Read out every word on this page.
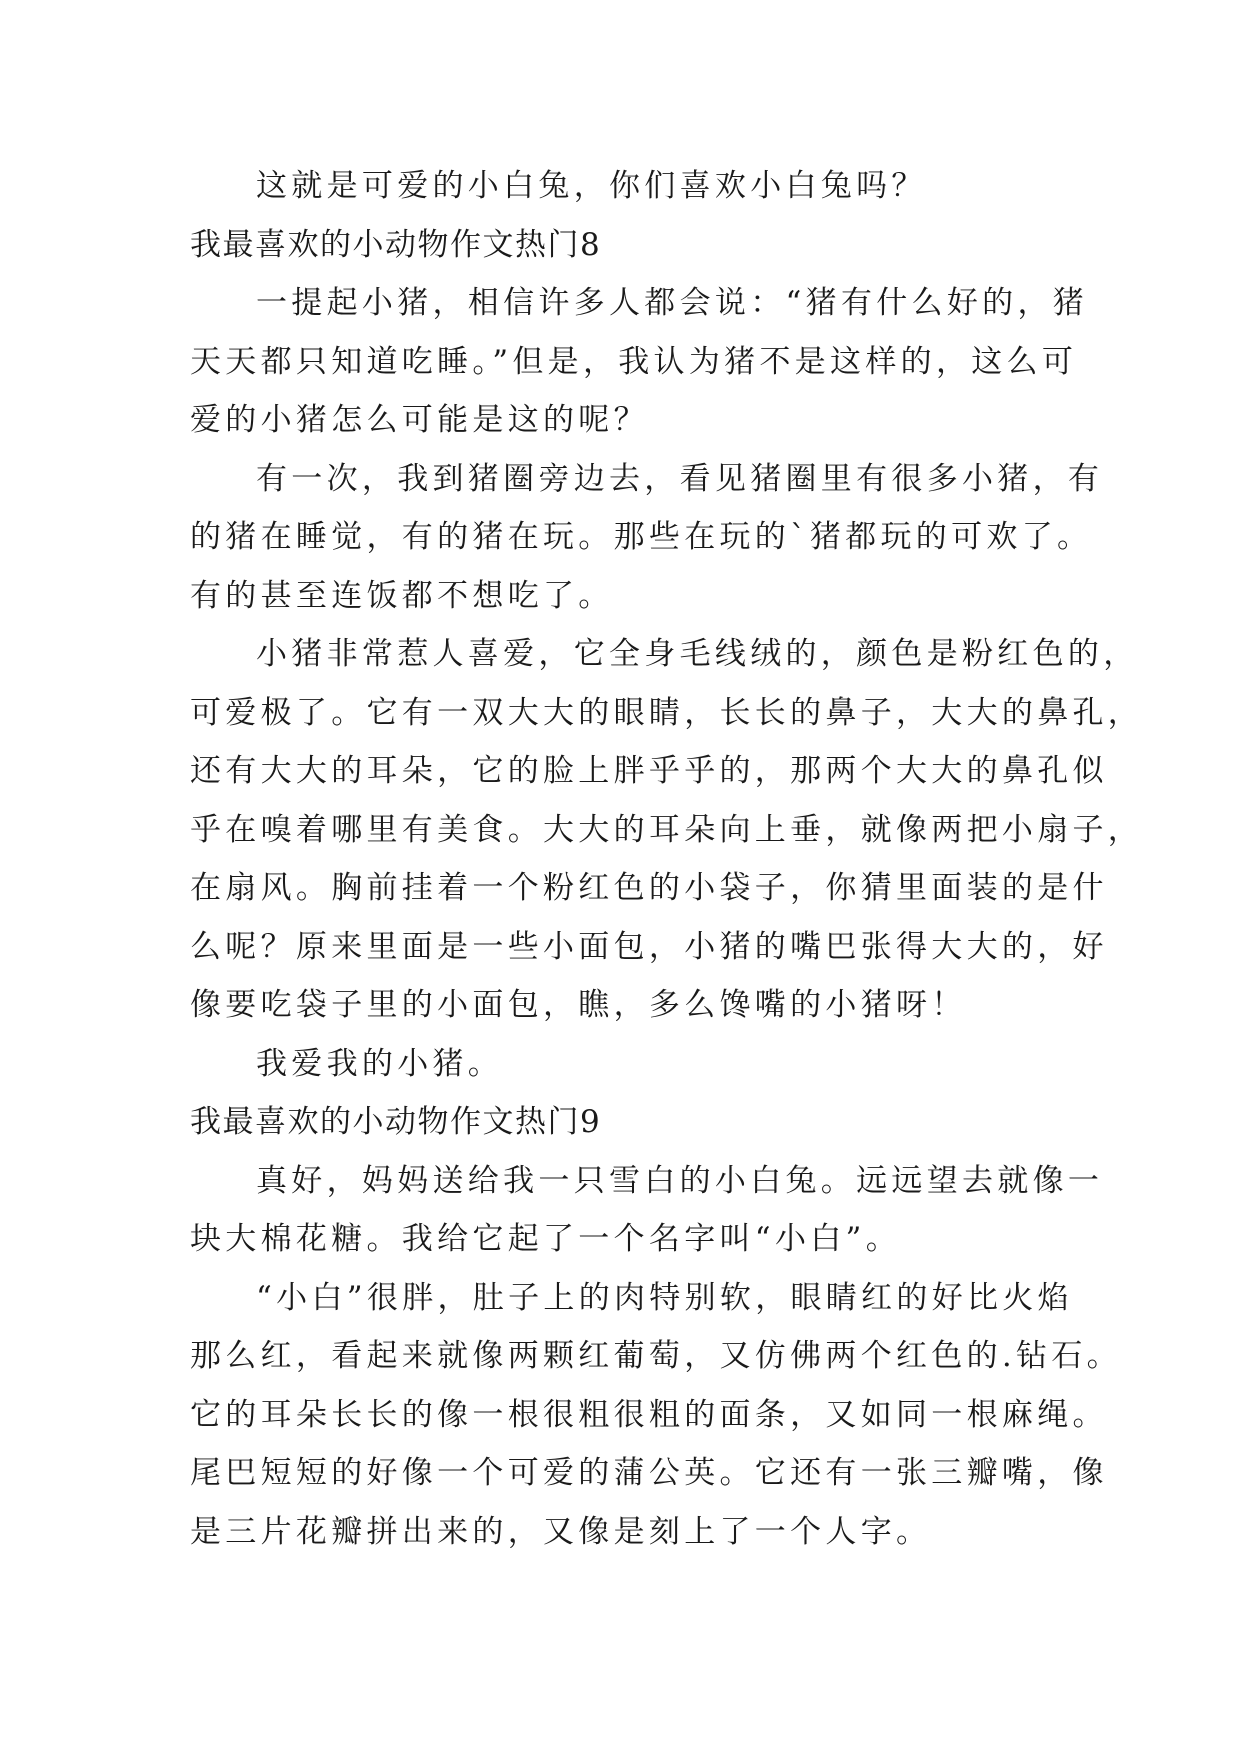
这就是可爱的小白兔，你们喜欢小白兔吗？
我最喜欢的小动物作文热门8
一提起小猪，相信许多人都会说：“猪有什么好的，猪
天天都只知道吃睡。”但是，我认为猪不是这样的，这么可
爱的小猪怎么可能是这的呢？
有一次，我到猪圈旁边去，看见猪圈里有很多小猪，有
的猪在睡觉，有的猪在玩。那些在玩的`猪都玩的可欢了。
有的甚至连饭都不想吃了。
小猪非常惹人喜爱，它全身毛线绒的，颜色是粉红色的，
可爱极了。它有一双大大的眼睛，长长的鼻子，大大的鼻孔，
还有大大的耳朵，它的脸上胖乎乎的，那两个大大的鼻孔似
乎在嗅着哪里有美食。大大的耳朵向上垂，就像两把小扇子，
在扇风。胸前挂着一个粉红色的小袋子，你猜里面装的是什
么呢？原来里面是一些小面包，小猪的嘴巴张得大大的，好
像要吃袋子里的小面包，瞧，多么馋嘴的小猪呀！
我爱我的小猪。
我最喜欢的小动物作文热门9
真好，妈妈送给我一只雪白的小白兔。远远望去就像一
块大棉花糖。我给它起了一个名字叫“小白”。
“小白”很胖，肚子上的肉特别软，眼睛红的好比火焰
那么红，看起来就像两颗红葡萄，又仿佛两个红色的.钻石。
它的耳朵长长的像一根很粗很粗的面条，又如同一根麻绳。
尾巴短短的好像一个可爱的蒲公英。它还有一张三瓣嘴，像
是三片花瓣拼出来的，又像是刻上了一个人字。
